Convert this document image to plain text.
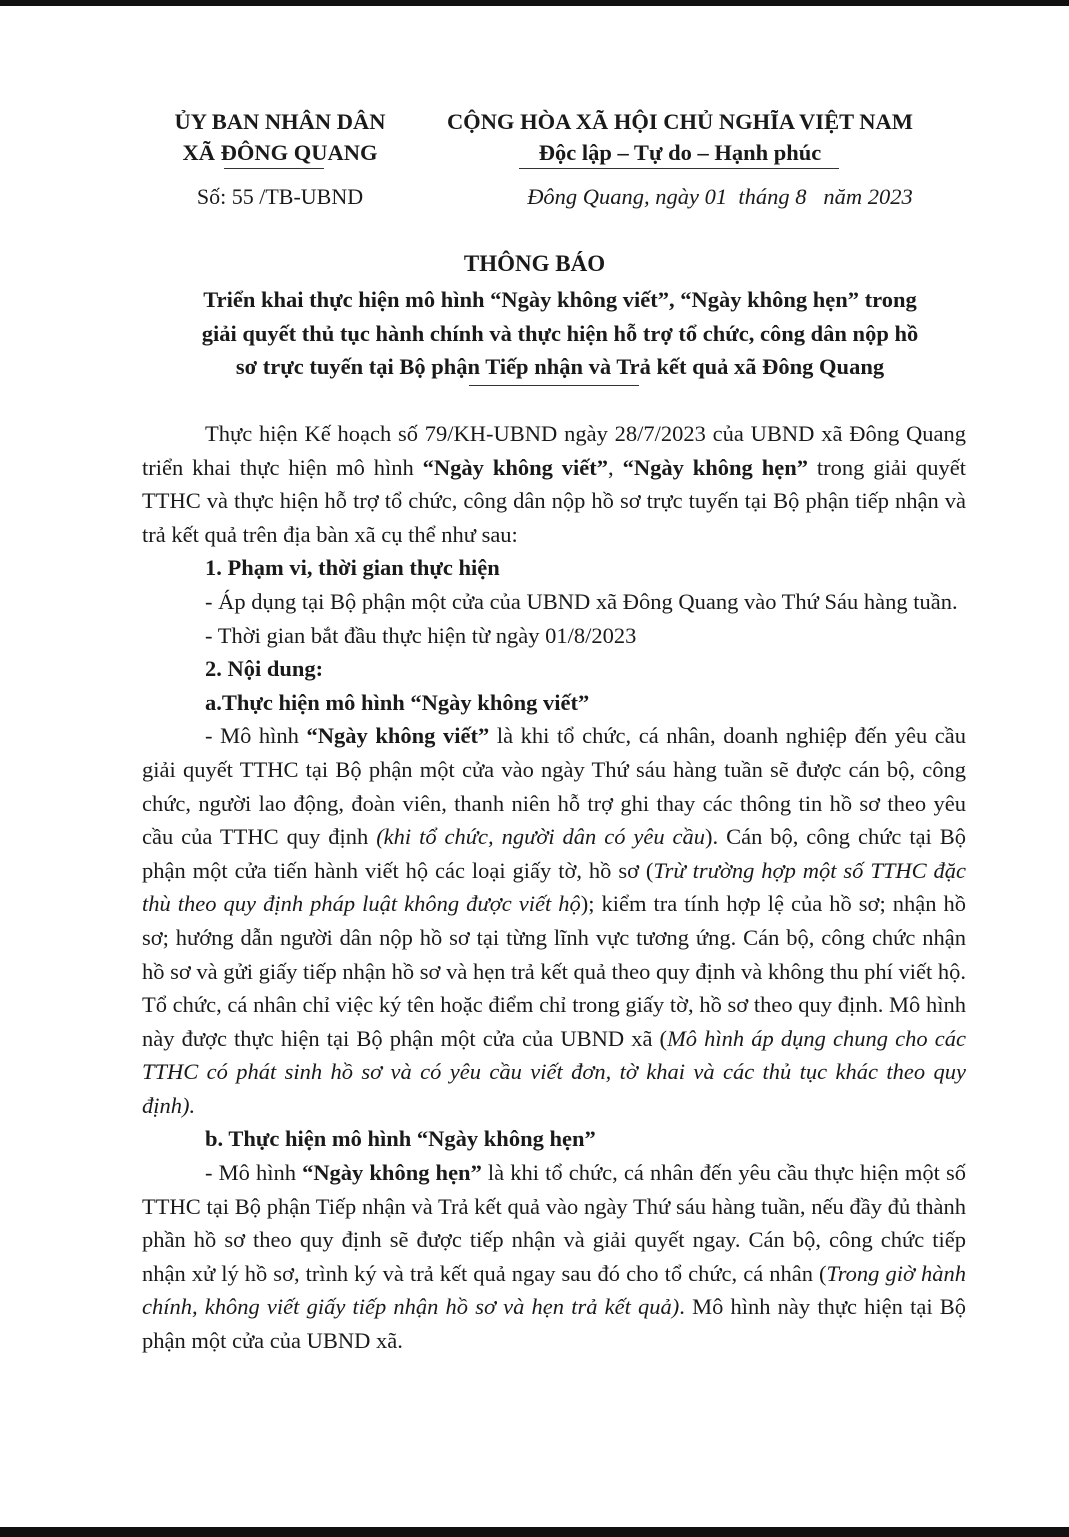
ỦY BAN NHÂN DÂN
XÃ ĐÔNG QUANG
CỘNG HÒA XÃ HỘI CHỦ NGHĨA VIỆT NAM
Độc lập – Tự do – Hạnh phúc
Số: 55 /TB-UBND	Đông Quang, ngày 01  tháng 8   năm 2023
THÔNG BÁO
Triển khai thực hiện mô hình “Ngày không viết”, “Ngày không hẹn” trong
giải quyết thủ tục hành chính và thực hiện hỗ trợ tổ chức, công dân nộp hồ
sơ trực tuyến tại Bộ phận Tiếp nhận và Trả kết quả xã Đông Quang

Thực hiện Kế hoạch số 79/KH-UBND ngày 28/7/2023 của UBND xã Đông Quang triển khai thực hiện mô hình “Ngày không viết”, “Ngày không hẹn” trong giải quyết TTHC và thực hiện hỗ trợ tổ chức, công dân nộp hồ sơ trực tuyến tại Bộ phận tiếp nhận và trả kết quả trên địa bàn xã cụ thể như sau:

1. Phạm vi, thời gian thực hiện

- Áp dụng tại Bộ phận một cửa của UBND xã Đông Quang vào Thứ Sáu hàng tuần.

- Thời gian bắt đầu thực hiện từ ngày 01/8/2023

2. Nội dung:

a.Thực hiện mô hình “Ngày không viết”

- Mô hình “Ngày không viết” là khi tổ chức, cá nhân, doanh nghiệp đến yêu cầu giải quyết TTHC tại Bộ phận một cửa vào ngày Thứ sáu hàng tuần sẽ được cán bộ, công chức, người lao động, đoàn viên, thanh niên hỗ trợ ghi thay các thông tin hồ sơ theo yêu cầu của TTHC quy định (khi tổ chức, người dân có yêu cầu). Cán bộ, công chức tại Bộ phận một cửa tiến hành viết hộ các loại giấy tờ, hồ sơ (Trừ trường hợp một số TTHC đặc thù theo quy định pháp luật không được viết hộ); kiểm tra tính hợp lệ của hồ sơ; nhận hồ sơ; hướng dẫn người dân nộp hồ sơ tại từng lĩnh vực tương ứng. Cán bộ, công chức nhận hồ sơ và gửi giấy tiếp nhận hồ sơ và hẹn trả kết quả theo quy định và không thu phí viết hộ. Tổ chức, cá nhân chỉ việc ký tên hoặc điểm chỉ trong giấy tờ, hồ sơ theo quy định. Mô hình này được thực hiện tại Bộ phận một cửa của UBND xã (Mô hình áp dụng chung cho các TTHC có phát sinh hồ sơ và có yêu cầu viết đơn, tờ khai và các thủ tục khác theo quy định).

b. Thực hiện mô hình “Ngày không hẹn”

- Mô hình “Ngày không hẹn” là khi tổ chức, cá nhân đến yêu cầu thực hiện một số TTHC tại Bộ phận Tiếp nhận và Trả kết quả vào ngày Thứ sáu hàng tuần, nếu đầy đủ thành phần hồ sơ theo quy định sẽ được tiếp nhận và giải quyết ngay. Cán bộ, công chức tiếp nhận xử lý hồ sơ, trình ký và trả kết quả ngay sau đó cho tổ chức, cá nhân (Trong giờ hành chính, không viết giấy tiếp nhận hồ sơ và hẹn trả kết quả). Mô hình này thực hiện tại Bộ phận một cửa của UBND xã.
